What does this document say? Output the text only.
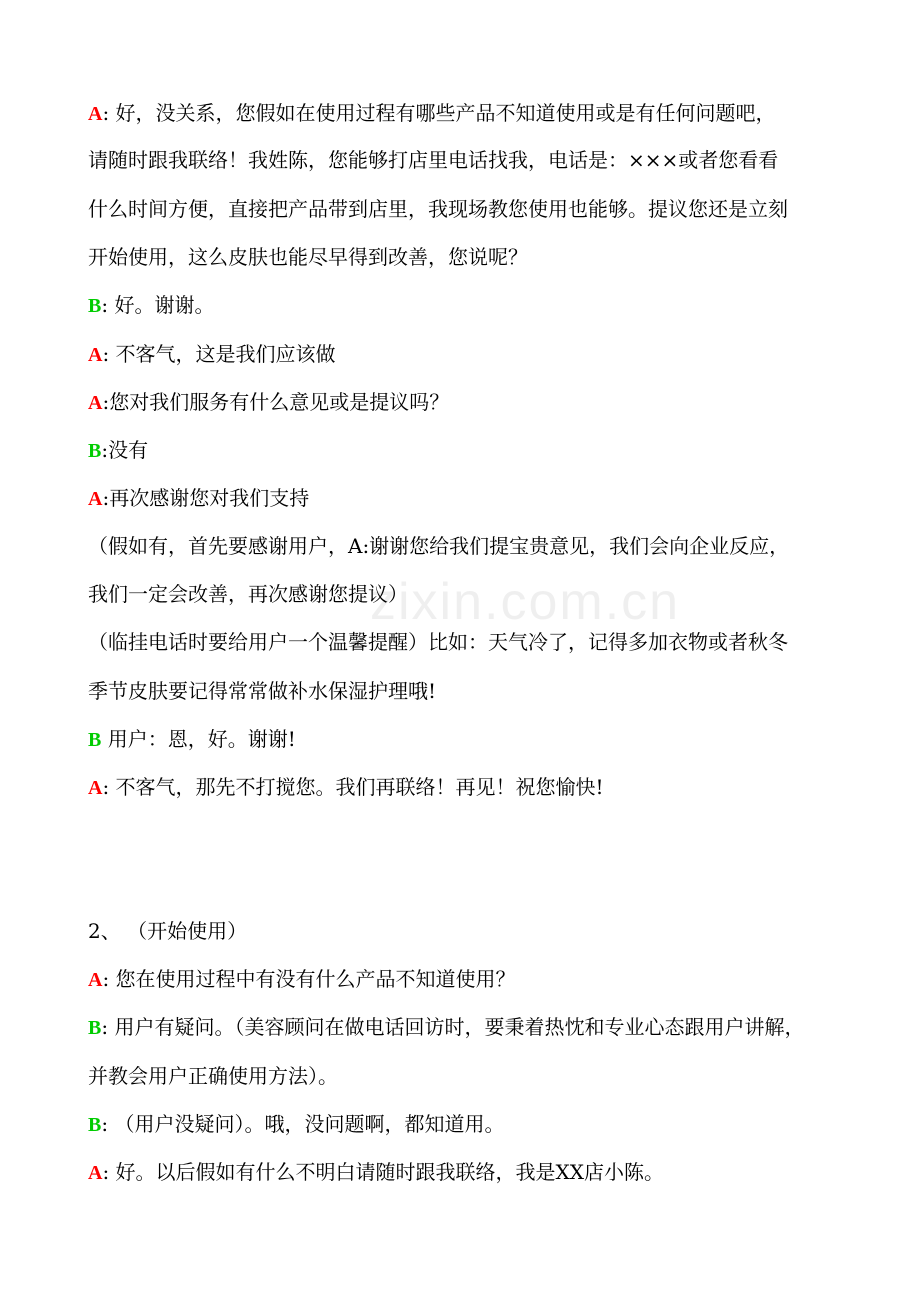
zixin.com.cn
A: 好，没关系，您假如在使用过程有哪些产品不知道使用或是有任何问题吧，
请随时跟我联络！我姓陈，您能够打店里电话找我，电话是：×××或者您看看
什么时间方便，直接把产品带到店里，我现场教您使用也能够。提议您还是立刻
开始使用，这么皮肤也能尽早得到改善，您说呢？
B: 好。谢谢。
A: 不客气，这是我们应该做
A:您对我们服务有什么意见或是提议吗？
B:没有
A:再次感谢您对我们支持
（假如有，首先要感谢用户，A:谢谢您给我们提宝贵意见，我们会向企业反应，
我们一定会改善，再次感谢您提议）
（临挂电话时要给用户一个温馨提醒）比如：天气冷了，记得多加衣物或者秋冬
季节皮肤要记得常常做补水保湿护理哦!
B 用户：恩，好。谢谢!
A: 不客气，那先不打搅您。我们再联络！再见！祝您愉快!
2、 （开始使用）
A: 您在使用过程中有没有什么产品不知道使用？
B: 用户有疑问。（美容顾问在做电话回访时，要秉着热忱和专业心态跟用户讲解，
并教会用户正确使用方法）。
B: （用户没疑问）。哦，没问题啊，都知道用。
A: 好。以后假如有什么不明白请随时跟我联络，我是XX店小陈。
